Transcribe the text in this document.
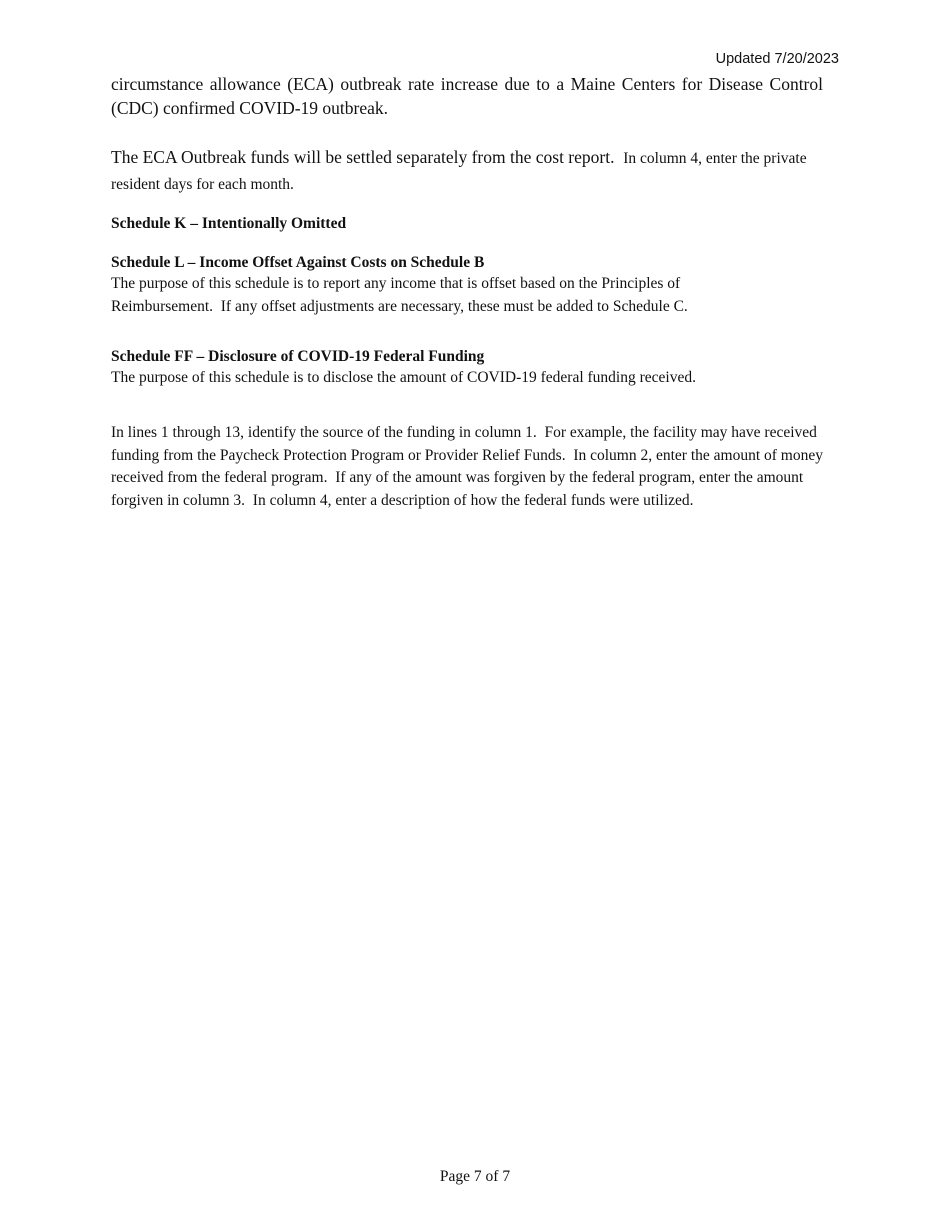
Updated 7/20/2023

circumstance allowance (ECA) outbreak rate increase due to a Maine Centers for Disease Control (CDC) confirmed COVID-19 outbreak.

The ECA Outbreak funds will be settled separately from the cost report. In column 4, enter the private resident days for each month.

Schedule K – Intentionally Omitted

Schedule L – Income Offset Against Costs on Schedule B

The purpose of this schedule is to report any income that is offset based on the Principles of Reimbursement.  If any offset adjustments are necessary, these must be added to Schedule C.

Schedule FF – Disclosure of COVID-19 Federal Funding

The purpose of this schedule is to disclose the amount of COVID-19 federal funding received.

In lines 1 through 13, identify the source of the funding in column 1.  For example, the facility may have received funding from the Paycheck Protection Program or Provider Relief Funds.  In column 2, enter the amount of money received from the federal program.  If any of the amount was forgiven by the federal program, enter the amount forgiven in column 3.  In column 4, enter a description of how the federal funds were utilized.

Page 7 of 7
